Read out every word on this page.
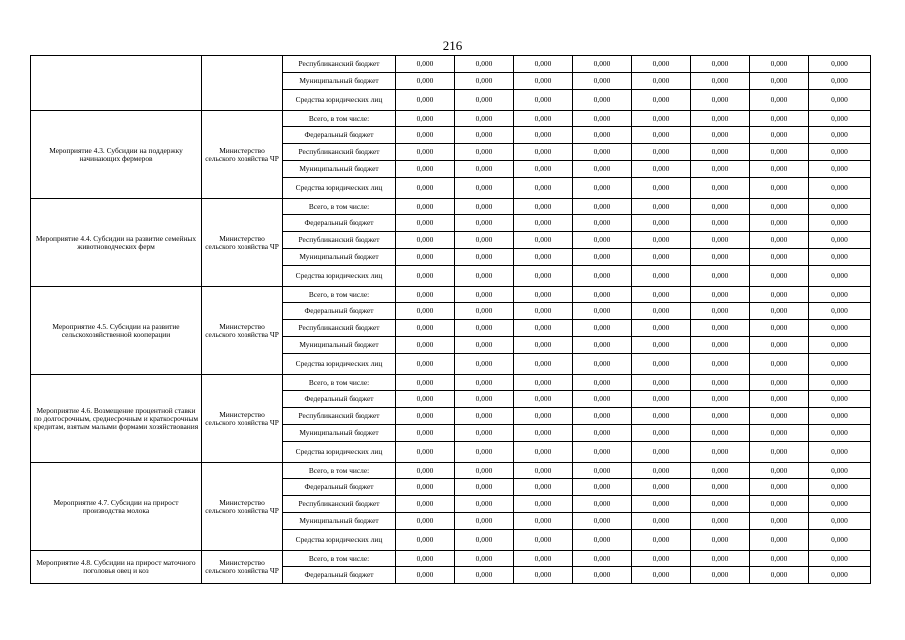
216
		Республиканский бюджет	0,000	0,000	0,000	0,000	0,000	0,000	0,000	0,000
		Муниципальный бюджет	0,000	0,000	0,000	0,000	0,000	0,000	0,000	0,000
		Средства юридических лиц	0,000	0,000	0,000	0,000	0,000	0,000	0,000	0,000
Мероприятие 4.3. Субсидии на поддержку начинающих фермеров	Министерство сельского хозяйства ЧР	Всего, в том числе:	0,000	0,000	0,000	0,000	0,000	0,000	0,000	0,000
		Федеральный бюджет	0,000	0,000	0,000	0,000	0,000	0,000	0,000	0,000
		Республиканский бюджет	0,000	0,000	0,000	0,000	0,000	0,000	0,000	0,000
		Муниципальный бюджет	0,000	0,000	0,000	0,000	0,000	0,000	0,000	0,000
		Средства юридических лиц	0,000	0,000	0,000	0,000	0,000	0,000	0,000	0,000
Мероприятие 4.4. Субсидии на развитие семейных животноводческих ферм	Министерство сельского хозяйства ЧР	Всего, в том числе:	0,000	0,000	0,000	0,000	0,000	0,000	0,000	0,000
		Федеральный бюджет	0,000	0,000	0,000	0,000	0,000	0,000	0,000	0,000
		Республиканский бюджет	0,000	0,000	0,000	0,000	0,000	0,000	0,000	0,000
		Муниципальный бюджет	0,000	0,000	0,000	0,000	0,000	0,000	0,000	0,000
		Средства юридических лиц	0,000	0,000	0,000	0,000	0,000	0,000	0,000	0,000
Мероприятие 4.5. Субсидии на развитие сельскохозяйственной кооперации	Министерство сельского хозяйства ЧР	Всего, в том числе:	0,000	0,000	0,000	0,000	0,000	0,000	0,000	0,000
		Федеральный бюджет	0,000	0,000	0,000	0,000	0,000	0,000	0,000	0,000
		Республиканский бюджет	0,000	0,000	0,000	0,000	0,000	0,000	0,000	0,000
		Муниципальный бюджет	0,000	0,000	0,000	0,000	0,000	0,000	0,000	0,000
		Средства юридических лиц	0,000	0,000	0,000	0,000	0,000	0,000	0,000	0,000
Мероприятие 4.6. Возмещение процентной ставки по долгосрочным, среднесрочным и краткосрочным кредитам, взятым малыми формами хозяйствования	Министерство сельского хозяйства ЧР	Всего, в том числе:	0,000	0,000	0,000	0,000	0,000	0,000	0,000	0,000
		Федеральный бюджет	0,000	0,000	0,000	0,000	0,000	0,000	0,000	0,000
		Республиканский бюджет	0,000	0,000	0,000	0,000	0,000	0,000	0,000	0,000
		Муниципальный бюджет	0,000	0,000	0,000	0,000	0,000	0,000	0,000	0,000
		Средства юридических лиц	0,000	0,000	0,000	0,000	0,000	0,000	0,000	0,000
Мероприятие 4.7. Субсидии на прирост производства молока	Министерство сельского хозяйства ЧР	Всего, в том числе:	0,000	0,000	0,000	0,000	0,000	0,000	0,000	0,000
		Федеральный бюджет	0,000	0,000	0,000	0,000	0,000	0,000	0,000	0,000
		Республиканский бюджет	0,000	0,000	0,000	0,000	0,000	0,000	0,000	0,000
		Муниципальный бюджет	0,000	0,000	0,000	0,000	0,000	0,000	0,000	0,000
		Средства юридических лиц	0,000	0,000	0,000	0,000	0,000	0,000	0,000	0,000
Мероприятие 4.8. Субсидии на прирост маточного поголовья овец и коз	Министерство сельского хозяйства ЧР	Всего, в том числе:	0,000	0,000	0,000	0,000	0,000	0,000	0,000	0,000
		Федеральный бюджет	0,000	0,000	0,000	0,000	0,000	0,000	0,000	0,000
